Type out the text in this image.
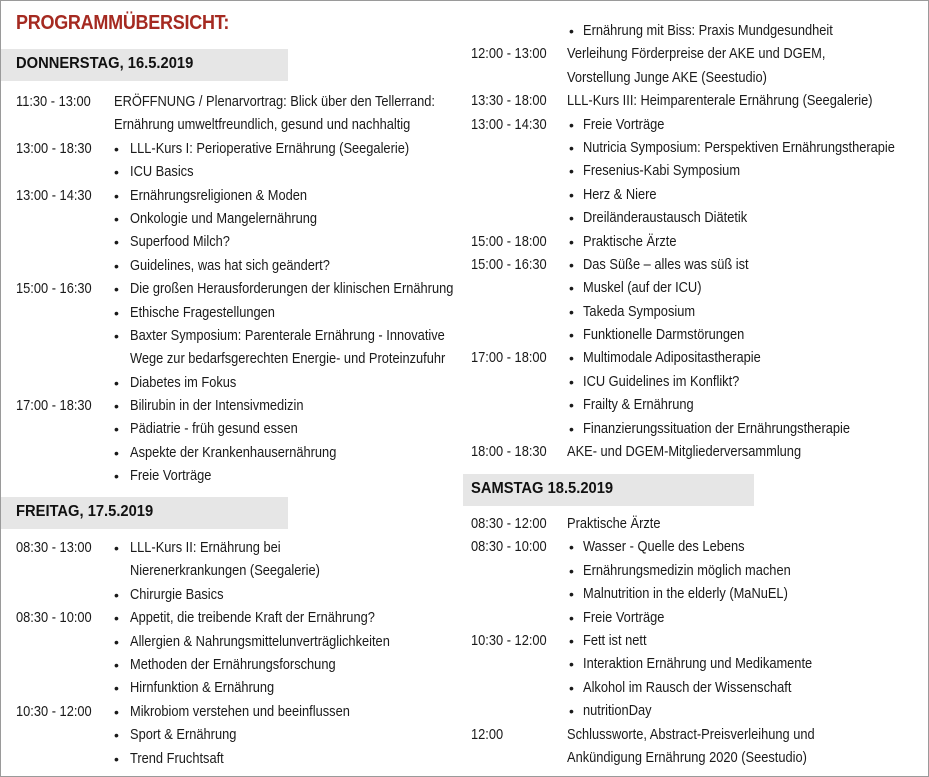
PROGRAMMÜBERSICHT:
DONNERSTAG, 16.5.2019
11:30 - 13:00	ERÖFFNUNG / Plenarvortrag: Blick über den Tellerrand:
Ernährung umweltfreundlich, gesund und nachhaltig
13:00 - 18:30	• LLL-Kurs I: Perioperative Ernährung (Seegalerie)
• ICU Basics
13:00 - 14:30	• Ernährungsreligionen & Moden
• Onkologie und Mangelernährung
• Superfood Milch?
• Guidelines, was hat sich geändert?
15:00 - 16:30	• Die großen Herausforderungen der klinischen Ernährung
• Ethische Fragestellungen
• Baxter Symposium: Parenterale Ernährung - Innovative
Wege zur bedarfsgerechten Energie- und Proteinzufuhr
• Diabetes im Fokus
17:00 - 18:30	• Bilirubin in der Intensivmedizin
• Pädiatrie - früh gesund essen
• Aspekte der Krankenhausernährung
• Freie Vorträge
FREITAG, 17.5.2019
08:30 - 13:00	• LLL-Kurs II: Ernährung bei
Nierenerkrankungen (Seegalerie)
• Chirurgie Basics
08:30 - 10:00	• Appetit, die treibende Kraft der Ernährung?
• Allergien & Nahrungsmittelunverträglichkeiten
• Methoden der Ernährungsforschung
• Hirnfunktion & Ernährung
10:30 - 12:00	• Mikrobiom verstehen und beeinflussen
• Sport & Ernährung
• Trend Fruchtsaft
• Ernährung mit Biss: Praxis Mundgesundheit
12:00 - 13:00	Verleihung Förderpreise der AKE und DGEM,
Vorstellung Junge AKE (Seestudio)
13:30 - 18:00	LLL-Kurs III: Heimparenterale Ernährung (Seegalerie)
13:00 - 14:30	• Freie Vorträge
• Nutricia Symposium: Perspektiven Ernährungstherapie
• Fresenius-Kabi Symposium
• Herz & Niere
• Dreiländeraustausch Diätetik
15:00 - 18:00	• Praktische Ärzte
15:00 - 16:30	• Das Süße – alles was süß ist
• Muskel (auf der ICU)
• Takeda Symposium
• Funktionelle Darmstörungen
17:00 - 18:00	• Multimodale Adipositastherapie
• ICU Guidelines im Konflikt?
• Frailty & Ernährung
• Finanzierungssituation der Ernährungstherapie
18:00 - 18:30	AKE- und DGEM-Mitgliederversammlung
SAMSTAG 18.5.2019
08:30 - 12:00	Praktische Ärzte
08:30 - 10:00	• Wasser - Quelle des Lebens
• Ernährungsmedizin möglich machen
• Malnutrition in the elderly (MaNuEL)
• Freie Vorträge
10:30 - 12:00	• Fett ist nett
• Interaktion Ernährung und Medikamente
• Alkohol im Rausch der Wissenschaft
• nutritionDay
12:00	Schlussworte, Abstract-Preisverleihung und
Ankündigung Ernährung 2020 (Seestudio)
